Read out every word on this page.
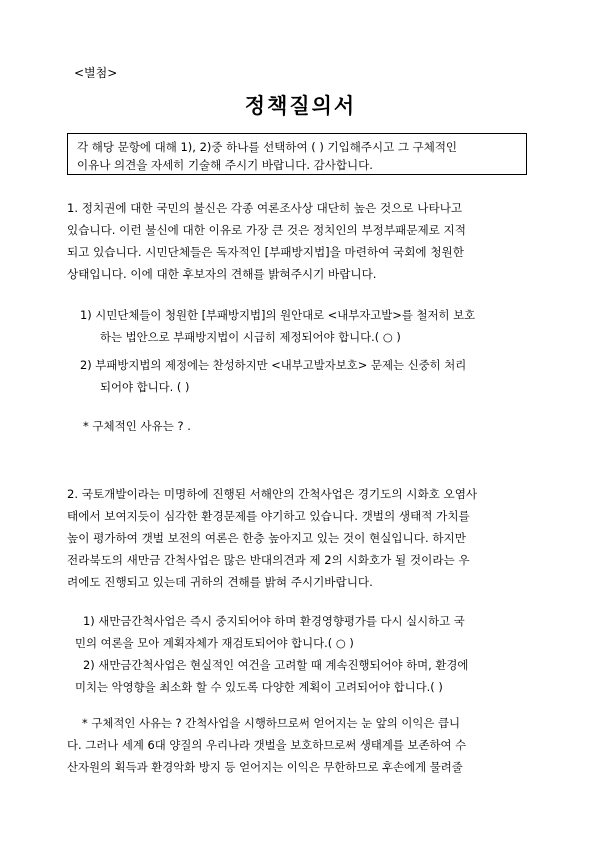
<별첨>
정책질의서
각 해당 문항에 대해 1), 2)중 하나를 선택하여 ( ) 기입해주시고 그 구체적인
이유나 의견을 자세히 기술해 주시기 바랍니다. 감사합니다.
1. 정치권에 대한 국민의 불신은 각종 여론조사상 대단히 높은 것으로 나타나고
있습니다. 이런 불신에 대한 이유로 가장 큰 것은 정치인의 부정부패문제로 지적
되고 있습니다. 시민단체들은 독자적인 [부패방지법]을 마련하여 국회에 청원한
상태입니다. 이에 대한 후보자의 견해를 밝혀주시기 바랍니다.
1) 시민단체들이 청원한 [부패방지법]의 원안대로 <내부자고발>를 철저히 보호
하는 법안으로 부패방지법이 시급히 제정되어야 합니다.( ○ )
2) 부패방지법의 제정에는 찬성하지만 <내부고발자보호> 문제는 신중히 처리
되어야 합니다. ( )
* 구체적인 사유는 ? .
2. 국토개발이라는 미명하에 진행된 서해안의 간척사업은 경기도의 시화호 오염사
태에서 보여지듯이 심각한 환경문제를 야기하고 있습니다. 갯벌의 생태적 가치를
높이 평가하여 갯벌 보전의 여론은 한층 높아지고 있는 것이 현실입니다. 하지만
전라북도의 새만금 간척사업은 많은 반대의견과 제 2의 시화호가 될 것이라는 우
려에도 진행되고 있는데 귀하의 견해를 밝혀 주시기바랍니다.
1) 새만금간척사업은 즉시 중지되어야 하며 환경영향평가를 다시 실시하고 국
민의 여론을 모아 계획자체가 재검토되어야 합니다.( ○ )
2) 새만금간척사업은 현실적인 여건을 고려할 때 계속진행되어야 하며, 환경에
미치는 악영향을 최소화 할 수 있도록 다양한 계획이 고려되어야 합니다.( )
* 구체적인 사유는 ? 간척사업을 시행하므로써 얻어지는 눈 앞의 이익은 큽니
다. 그러나 세계 6대 양질의 우리나라 갯벌을 보호하므로써 생태계를 보존하여 수
산자원의 획득과 환경악화 방지 등 얻어지는 이익은 무한하므로 후손에게 물려줄
